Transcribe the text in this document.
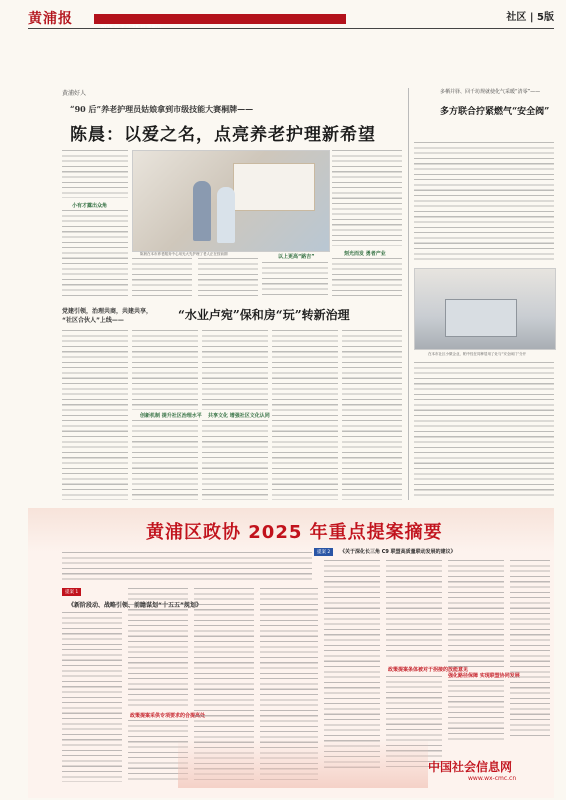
黄浦报	社区 | 5版
黄浦好人
“90 后”养老护理员姑娘拿到市级技能大赛桐牌——
陈晨：以爱之名，点亮养老护理新希望
小有才露出众角
陈晨在本市养老服务中心用光大先护理了老人正在按前期	以上更高“路吉”	刻光而发 勇者产业
多栖并驿、回千坊规就使化气采暖“清零”——
多方联合拧紧燃气“安全阀”
在本市社区小微企业，帕中经在同种居用了灶与“安全阀门”分开
党建引领，治理共商，共建共享，
“社区合伙人”上线——	“水业卢宛”保和房“玩”转新治理
创新机制 提升社区治理水平 共享文化 增强社区文化认同
黄浦区政协 2025 年重点提案摘要
提案 1
《新阶段动、战略引领、前瞻谋划“十五五”规划》
政策提案采供专项要求的合提高处
提案 2	《关于深化长三角 C9 联盟高质量联动发展的建议》
政策提案条体被对于拐接的放能意见
强化路径保障 实现联盟协同发展
中国社会信息网
www.wx-cmc.cn
